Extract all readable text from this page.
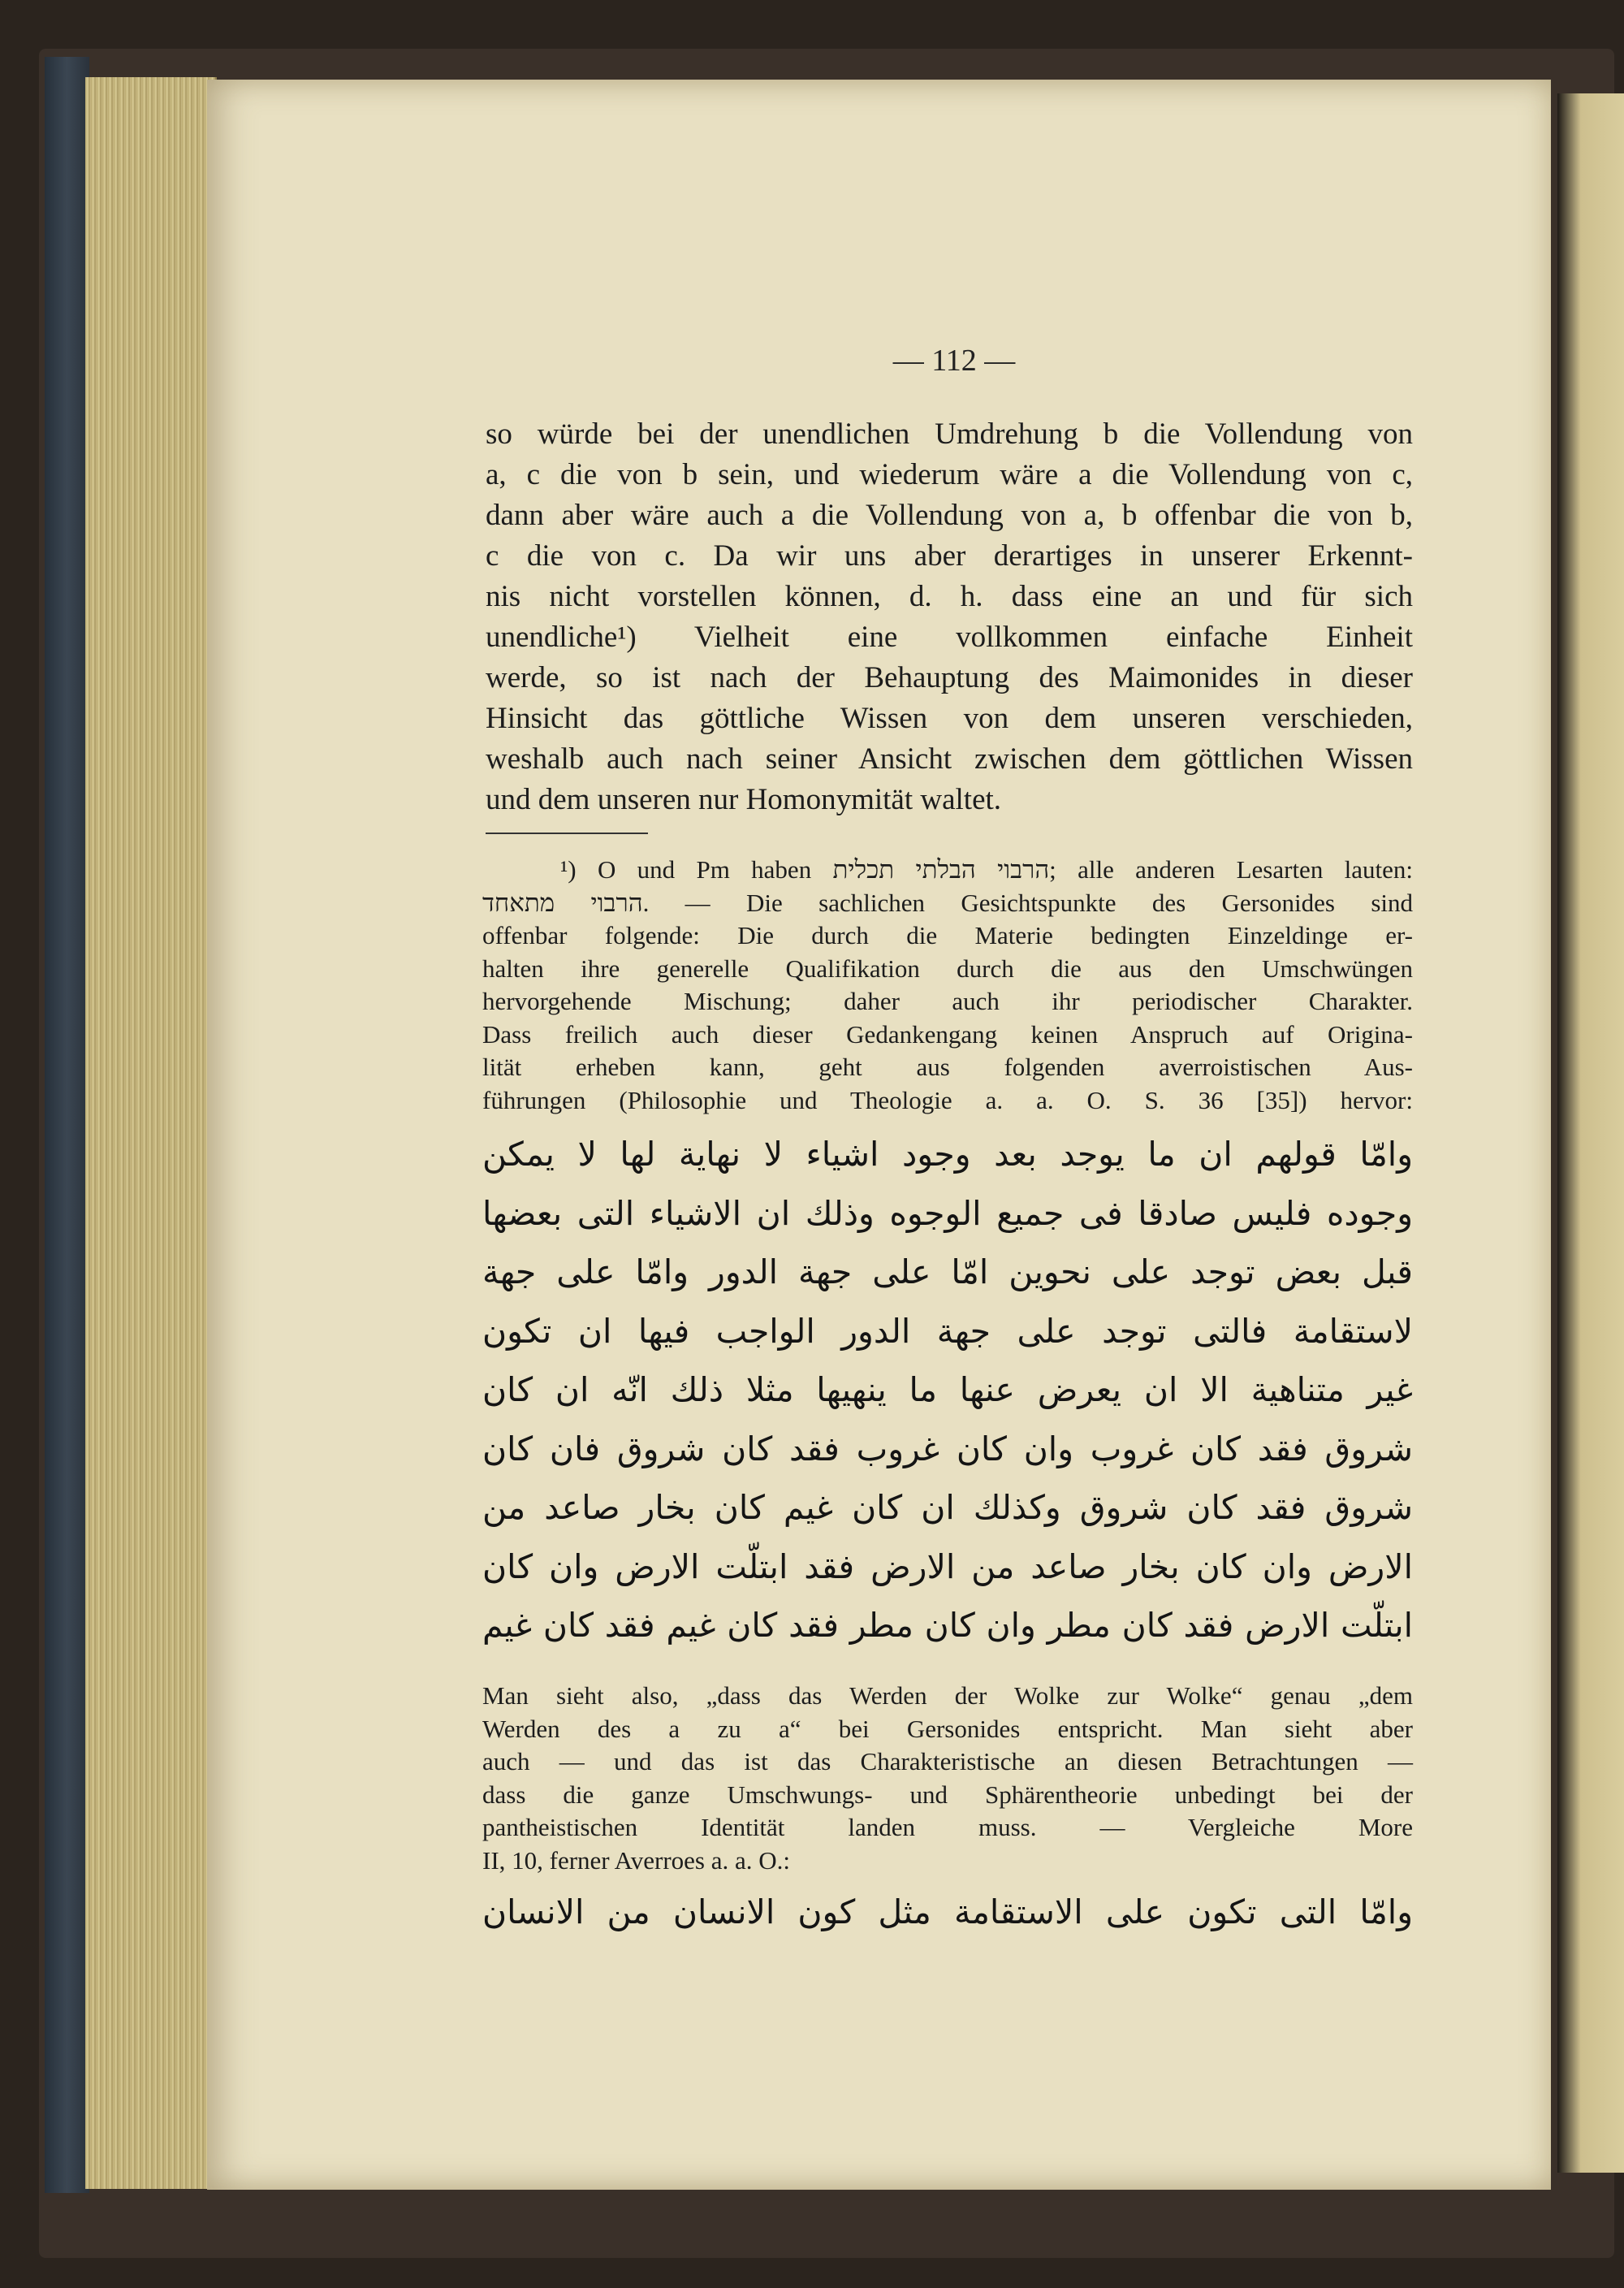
— 112 —
so würde bei der unendlichen Umdrehung b die Vollendung von
a, c die von b sein, und wiederum wäre a die Vollendung von c,
dann aber wäre auch a die Vollendung von a, b offenbar die von b,
c die von c. Da wir uns aber derartiges in unserer Erkennt-
nis nicht vorstellen können, d. h. dass eine an und für sich
unendliche¹) Vielheit eine vollkommen einfache Einheit
werde, so ist nach der Behauptung des Maimonides in dieser
Hinsicht das göttliche Wissen von dem unseren verschieden,
weshalb auch nach seiner Ansicht zwischen dem göttlichen Wissen
und dem unseren nur Homonymität waltet.
¹) O und Pm haben הרבוי הבלתי תכלית; alle anderen Lesarten lauten:
הרבוי מתאחד. — Die sachlichen Gesichtspunkte des Gersonides sind
offenbar folgende: Die durch die Materie bedingten Einzeldinge er-
halten ihre generelle Qualifikation durch die aus den Umschwüngen
hervorgehende Mischung; daher auch ihr periodischer Charakter.
Dass freilich auch dieser Gedankengang keinen Anspruch auf Origina-
lität erheben kann, geht aus folgenden averroistischen Aus-
führungen (Philosophie und Theologie a. a. O. S. 36 [35]) hervor:
وامّا قولهم ان ما يوجد بعد وجود اشياء لا نهاية لها لا يمكن
وجوده فليس صادقا فى جميع الوجوه وذلك ان الاشياء التى بعضها
قبل بعض توجد على نحوين امّا على جهة الدور وامّا على جهة
لاستقامة فالتى توجد على جهة الدور الواجب فيها ان تكون
غير متناهية الا ان يعرض عنها ما ينهيها مثلا ذلك انّه ان كان
شروق فقد كان غروب وان كان غروب فقد كان شروق فان كان
شروق فقد كان شروق وكذلك ان كان غيم كان بخار صاعد من
الارض وان كان بخار صاعد من الارض فقد ابتلّت الارض وان كان
ابتلّت الارض فقد كان مطر وان كان مطر فقد كان غيم فقد كان غيم
Man sieht also, „dass das Werden der Wolke zur Wolke“ genau „dem
Werden des a zu a“ bei Gersonides entspricht. Man sieht aber
auch — und das ist das Charakteristische an diesen Betrachtungen —
dass die ganze Umschwungs- und Sphärentheorie unbedingt bei der
pantheistischen Identität landen muss. — Vergleiche More
II, 10, ferner Averroes a. a. O.:
وامّا التى تكون على الاستقامة مثل كون الانسان من الانسان
